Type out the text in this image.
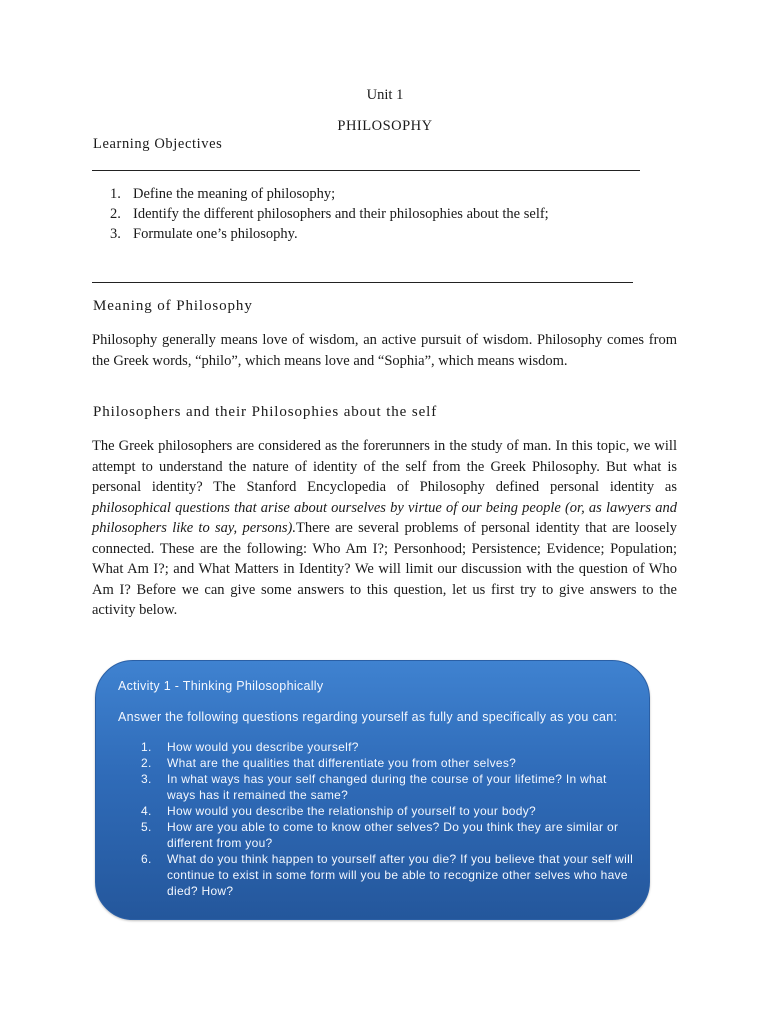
Unit 1
PHILOSOPHY
Learning Objectives
1. Define the meaning of philosophy;
2. Identify the different philosophers and their philosophies about the self;
3. Formulate one’s philosophy.
Meaning of Philosophy

Philosophy generally means love of wisdom, an active pursuit of wisdom. Philosophy comes from the Greek words, “philo”, which means love and “Sophia”, which means wisdom.

Philosophers and their Philosophies about the self

The Greek philosophers are considered as the forerunners in the study of man. In this topic, we will attempt to understand the nature of identity of the self from the Greek Philosophy. But what is personal identity? The Stanford Encyclopedia of Philosophy defined personal identity as philosophical questions that arise about ourselves by virtue of our being people (or, as lawyers and philosophers like to say, persons).There are several problems of personal identity that are loosely connected. These are the following: Who Am I?; Personhood; Persistence; Evidence; Population; What Am I?; and What Matters in Identity? We will limit our discussion with the question of Who Am I? Before we can give some answers to this question, let us first try to give answers to the activity below.

Activity 1 - Thinking Philosophically
Answer the following questions regarding yourself as fully and specifically as you can:
1. How would you describe yourself?
2. What are the qualities that differentiate you from other selves?
3. In what ways has your self changed during the course of your lifetime? In what ways has it remained the same?
4. How would you describe the relationship of yourself to your body?
5. How are you able to come to know other selves? Do you think they are similar or different from you?
6. What do you think happen to yourself after you die? If you believe that your self will continue to exist in some form will you be able to recognize other selves who have died? How?
